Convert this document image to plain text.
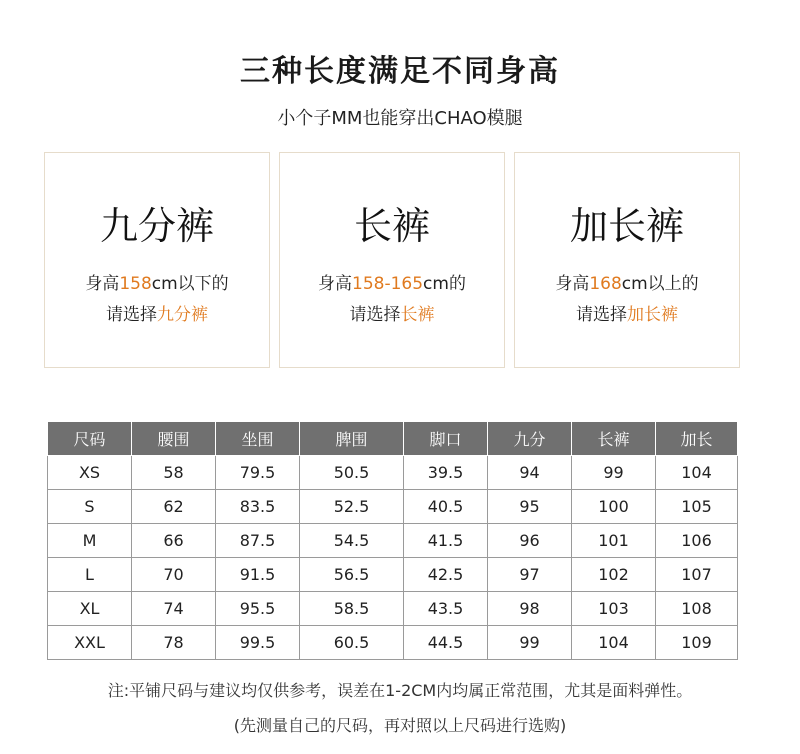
三种长度满足不同身高
小个子MM也能穿出CHAO模腿
九分裤
身高158cm以下的
请选择九分裤
长裤
身高158-165cm的
请选择长裤
加长裤
身高168cm以上的
请选择加长裤
尺码	腰围	坐围	脾围	脚口	九分	长裤	加长
XS	58	79.5	50.5	39.5	94	99	104
S	62	83.5	52.5	40.5	95	100	105
M	66	87.5	54.5	41.5	96	101	106
L	70	91.5	56.5	42.5	97	102	107
XL	74	95.5	58.5	43.5	98	103	108
XXL	78	99.5	60.5	44.5	99	104	109
注:平铺尺码与建议均仅供参考，误差在1-2CM内均属正常范围，尤其是面料弹性。
(先测量自己的尺码，再对照以上尺码进行选购)
